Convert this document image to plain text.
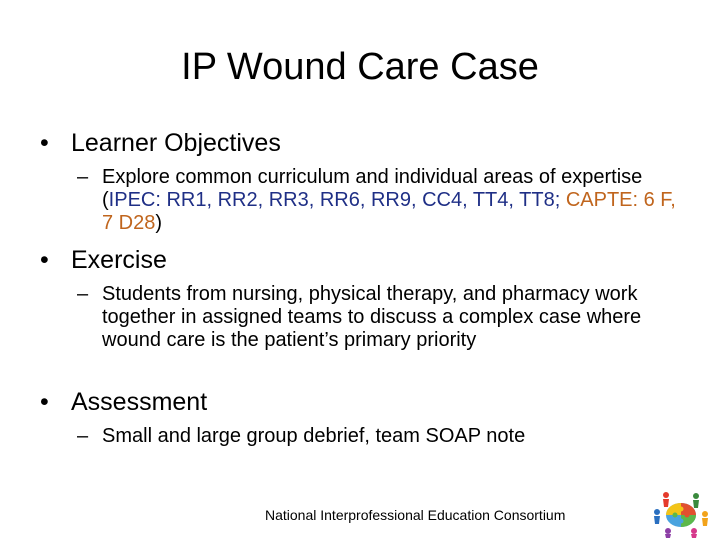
IP Wound Care Case
• Learner Objectives
– Explore common curriculum and individual areas of expertise (IPEC: RR1, RR2, RR3, RR6, RR9, CC4, TT4, TT8; CAPTE: 6 F, 7 D28)
• Exercise
– Students from nursing, physical therapy, and pharmacy work together in assigned teams to discuss a complex case where wound care is the patient’s primary priority
• Assessment
– Small and large group debrief, team SOAP note
National Interprofessional Education Consortium
